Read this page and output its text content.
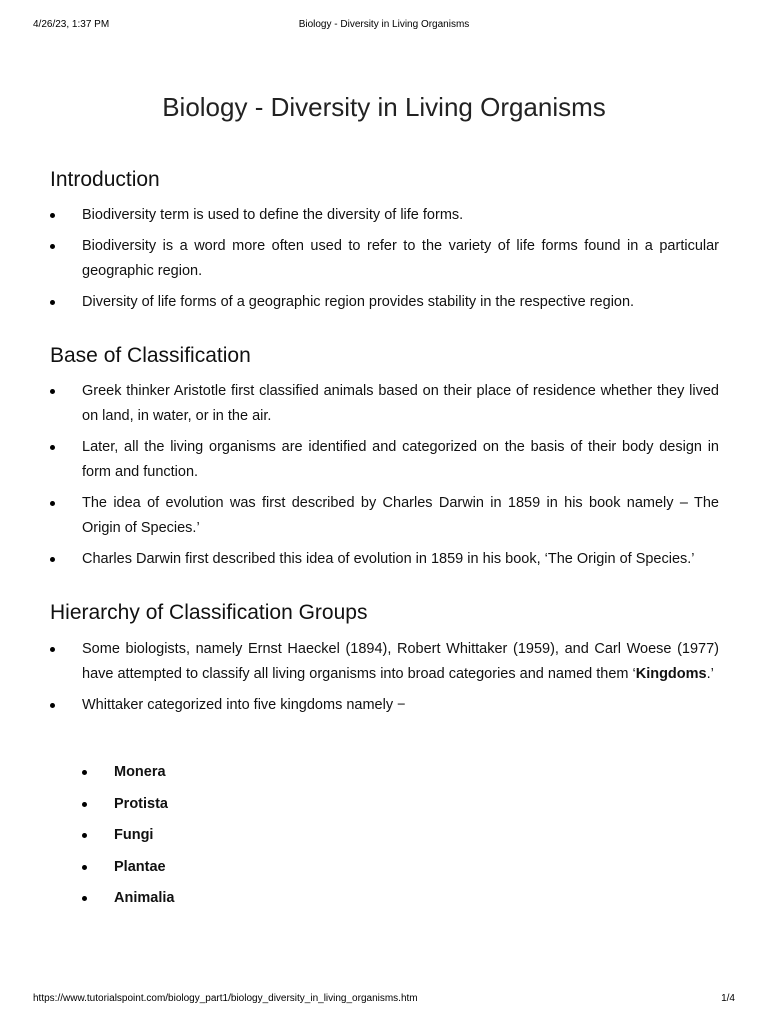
4/26/23, 1:37 PM	Biology - Diversity in Living Organisms
Biology - Diversity in Living Organisms
Introduction
Biodiversity term is used to define the diversity of life forms.
Biodiversity is a word more often used to refer to the variety of life forms found in a particular geographic region.
Diversity of life forms of a geographic region provides stability in the respective region.
Base of Classification
Greek thinker Aristotle first classified animals based on their place of residence whether they lived on land, in water, or in the air.
Later, all the living organisms are identified and categorized on the basis of their body design in form and function.
The idea of evolution was first described by Charles Darwin in 1859 in his book namely – The Origin of Species.’
Charles Darwin first described this idea of evolution in 1859 in his book, ‘The Origin of Species.’
Hierarchy of Classification Groups
Some biologists, namely Ernst Haeckel (1894), Robert Whittaker (1959), and Carl Woese (1977) have attempted to classify all living organisms into broad categories and named them ‘Kingdoms.’
Whittaker categorized into five kingdoms namely −
Monera
Protista
Fungi
Plantae
Animalia
https://www.tutorialspoint.com/biology_part1/biology_diversity_in_living_organisms.htm	1/4
